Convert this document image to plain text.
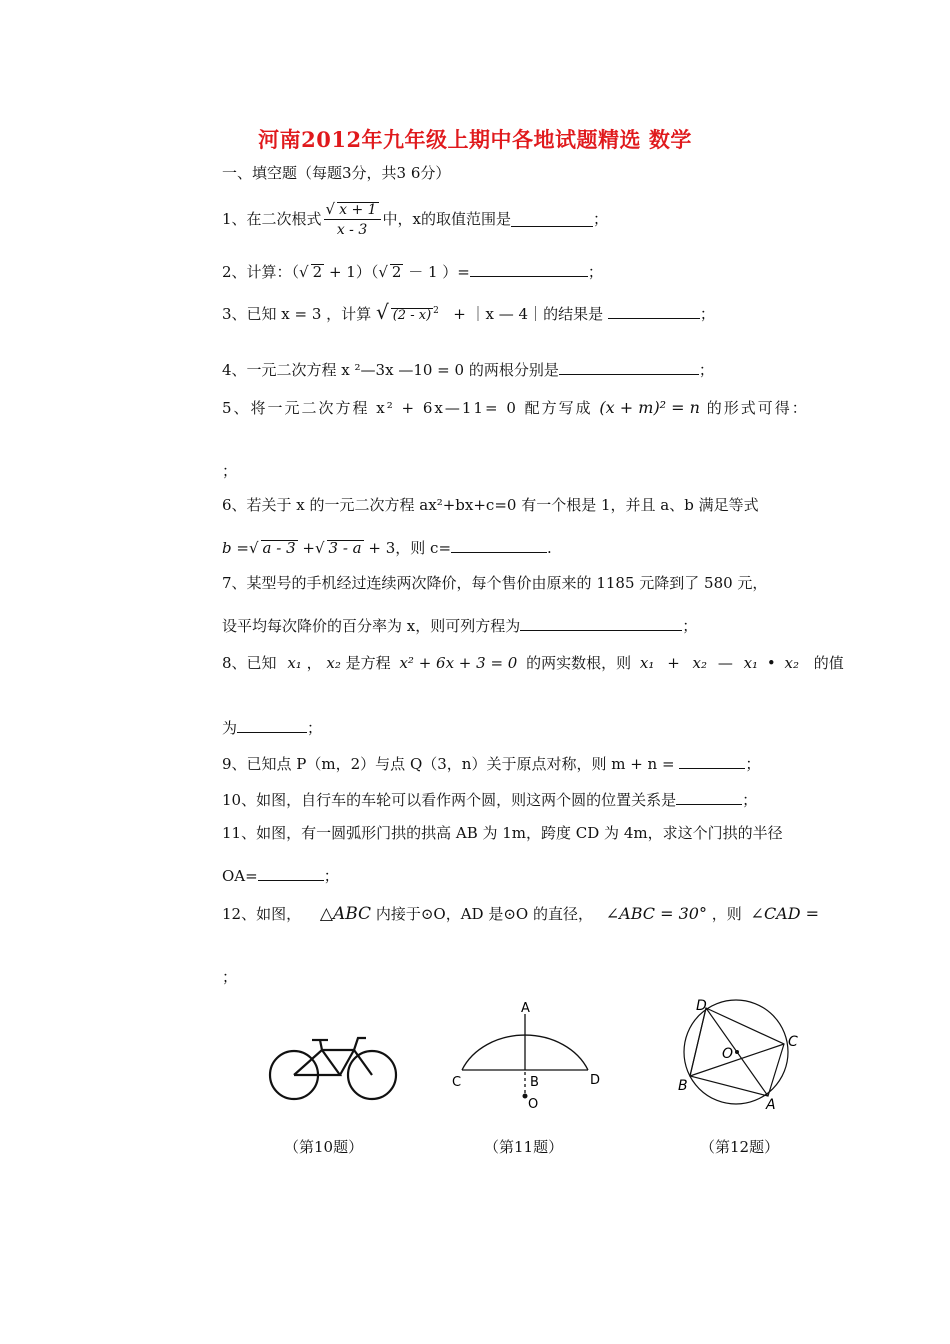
河南2012年九年级上期中各地试题精选 数学
一、填空题（每题3分，共3 6分）
1、在二次根式 $\frac{√ x + 1}{x - 3}$ 中，x的取值范围是	；
2、计算：（√ 2 + 1）（√ 2 － 1 ）=	；
3、已知 x = 3 ，计算 √ (2 - x) $^2$ + ｜x — 4｜的结果是	；
4、一元二次方程 x ²—3x —10 = 0 的两根分别是	；
5、将一元二次方程 x² + 6x—11= 0 配方写成 (x + m)² = n 的形式可得：
；
6、若关于 x 的一元二次方程 ax²+bx+c=0 有一个根是 1，并且 a、b 满足等式
b =√ a - 3 +√ 3 - a + 3，则 c=	.
7、某型号的手机经过连续两次降价，每个售价由原来的 1185 元降到了 580 元，
设平均每次降价的百分率为 x，则可列方程为	；
8、已知 x₁ ， x₂ 是方程 x² + 6x + 3 = 0 的两实数根，则 x₁ + x₂ — x₁ • x₂ 的值
为	；
9、已知点 P（m，2）与点 Q（3，n）关于原点对称，则 m + n =	；
10、如图，自行车的车轮可以看作两个圆，则这两个圆的位置关系是	；
11、如图，有一圆弧形门拱的拱高 AB 为 1m，跨度 CD 为 4m，求这个门拱的半径
OA=	；
12、如图， △ABC 内接于⊙O，AD 是⊙O 的直径， ∠ABC = 30° ，则 ∠CAD =
；
A
B
C	D
O
D
C
B
A
O
（第10题）	（第11题）	（第12题）
